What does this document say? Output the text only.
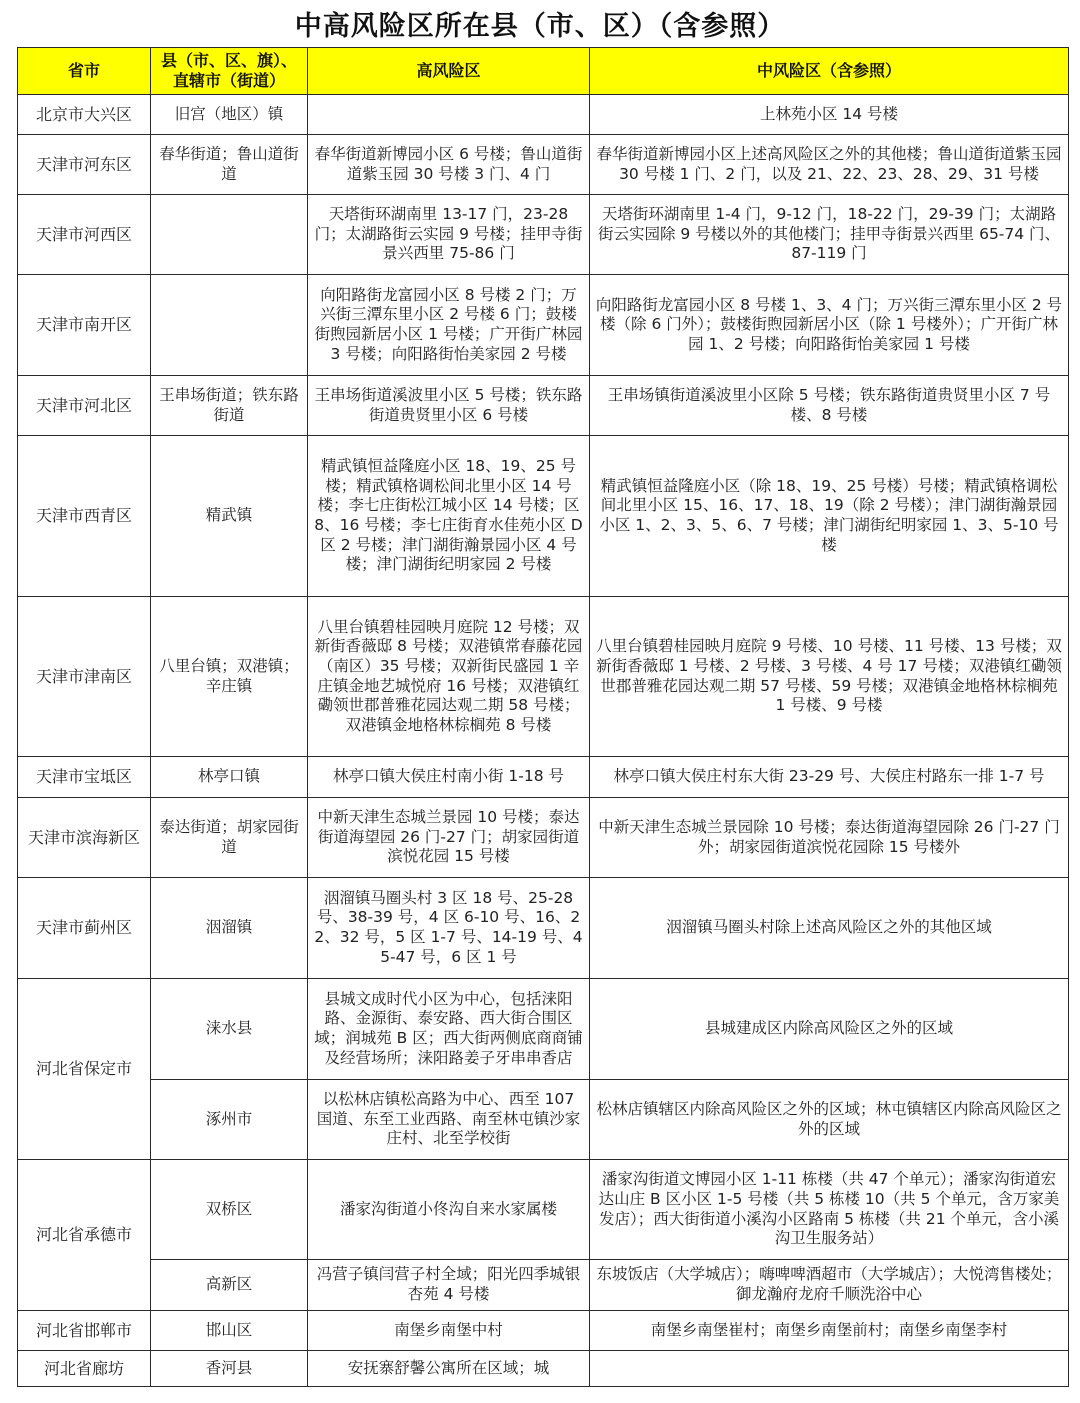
中高风险区所在县（市、区）（含参照）
省市	县（市、区、旗）、直辖市（街道）	高风险区	中风险区（含参照）
北京市大兴区	旧宫（地区）镇		上林苑小区 14 号楼
天津市河东区	春华街道；鲁山道街道	春华街道新博园小区 6 号楼；鲁山道街道紫玉园 30 号楼 3 门、4 门	春华街道新博园小区上述高风险区之外的其他楼；鲁山道街道紫玉园 30 号楼 1 门、2 门，以及 21、22、23、28、29、31 号楼
天津市河西区		天塔街环湖南里 13-17 门，23-28 门；太湖路街云实园 9 号楼；挂甲寺街景兴西里 75-86 门	天塔街环湖南里 1-4 门，9-12 门，18-22 门，29-39 门；太湖路街云实园除 9 号楼以外的其他楼门；挂甲寺街景兴西里 65-74 门、87-119 门
天津市南开区		向阳路街龙富园小区 8 号楼 2 门；万兴街三潭东里小区 2 号楼 6 门；鼓楼街煦园新居小区 1 号楼；广开街广林园 3 号楼；向阳路街怡美家园 2 号楼	向阳路街龙富园小区 8 号楼 1、3、4 门；万兴街三潭东里小区 2 号楼（除 6 门外）；鼓楼街煦园新居小区（除 1 号楼外）；广开街广林园 1、2 号楼；向阳路街怡美家园 1 号楼
天津市河北区	王串场街道；铁东路街道	王串场街道溪波里小区 5 号楼；铁东路街道贵贤里小区 6 号楼	王串场镇街道溪波里小区除 5 号楼；铁东路街道贵贤里小区 7 号楼、8 号楼
天津市西青区	精武镇	精武镇恒益隆庭小区 18、19、25 号楼；精武镇格调松间北里小区 14 号楼；李七庄街松江城小区 14 号楼；区 8、16 号楼；李七庄街育水佳苑小区 D 区 2 号楼；津门湖街瀚景园小区 4 号楼；津门湖街纪明家园 2 号楼	精武镇恒益隆庭小区（除 18、19、25 号楼）号楼；精武镇格调松间北里小区 15、16、17、18、19（除 2 号楼）；津门湖街瀚景园小区 1、2、3、5、6、7 号楼；津门湖街纪明家园 1、3、5-10 号楼
天津市津南区	八里台镇；双港镇；辛庄镇	八里台镇碧桂园映月庭院 12 号楼；双新街香薇邸 8 号楼；双港镇常春藤花园（南区）35 号楼；双新街民盛园 1 辛庄镇金地艺城悦府 16 号楼；双港镇红磡领世郡普雅花园达观二期 58 号楼；双港镇金地格林棕榈苑 8 号楼	八里台镇碧桂园映月庭院 9 号楼、10 号楼、11 号楼、13 号楼；双新街香薇邸 1 号楼、2 号楼、3 号楼、4 号 17 号楼；双港镇红磡领世郡普雅花园达观二期 57 号楼、59 号楼；双港镇金地格林棕榈苑 1 号楼、9 号楼
天津市宝坻区	林亭口镇	林亭口镇大侯庄村南小街 1-18 号	林亭口镇大侯庄村东大街 23-29 号、大侯庄村路东一排 1-7 号
天津市滨海新区	泰达街道；胡家园街道	中新天津生态城兰景园 10 号楼；泰达街道海望园 26 门-27 门；胡家园街道滨悦花园 15 号楼	中新天津生态城兰景园除 10 号楼；泰达街道海望园除 26 门-27 门外；胡家园街道滨悦花园除 15 号楼外
天津市蓟州区	洇溜镇	洇溜镇马圈头村 3 区 18 号、25-28 号、38-39 号，4 区 6-10 号、16、22、32 号，5 区 1-7 号、14-19 号、45-47 号，6 区 1 号	洇溜镇马圈头村除上述高风险区之外的其他区域
河北省保定市	涞水县	县城文成时代小区为中心，包括涞阳路、金源街、泰安路、西大街合围区域；润城苑 B 区；西大街两侧底商商铺及经营场所；涞阳路姜子牙串串香店	县城建成区内除高风险区之外的区域
	涿州市	以松林店镇松高路为中心、西至 107 国道、东至工业西路、南至林屯镇沙家庄村、北至学校街	松林店镇辖区内除高风险区之外的区域；林屯镇辖区内除高风险区之外的区域
河北省承德市	双桥区	潘家沟街道小佟沟自来水家属楼	潘家沟街道文博园小区 1-11 栋楼（共 47 个单元）；潘家沟街道宏达山庄 B 区小区 1-5 号楼（共 5 栋楼 10（共 5 个单元，含万家美发店）；西大街街道小溪沟小区路南 5 栋楼（共 21 个单元，含小溪沟卫生服务站）
	高新区	冯营子镇闫营子村全域；阳光四季城银杏苑 4 号楼	东坡饭店（大学城店）；嗨啤啤酒超市（大学城店）；大悦湾售楼处；御龙瀚府龙府千顺洗浴中心
河北省邯郸市	邯山区	南堡乡南堡中村	南堡乡南堡崔村；南堡乡南堡前村；南堡乡南堡李村
河北省廊坊	香河县	安抚寨舒馨公寓所在区域；城	
